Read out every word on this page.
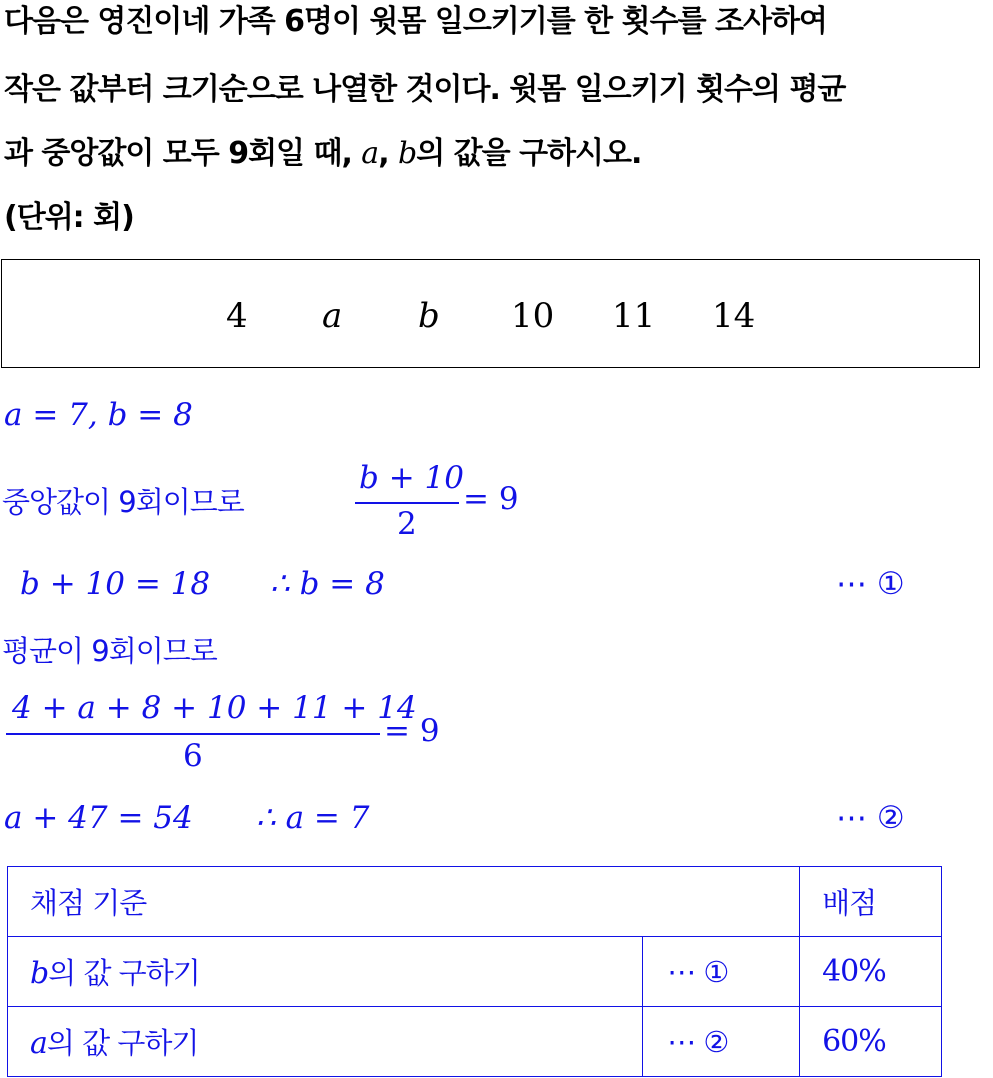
다음은 영진이네 가족 6명이 윗몸 일으키기를 한 횟수를 조사하여
작은 값부터 크기순으로 나열한 것이다. 윗몸 일으키기 횟수의 평균
과 중앙값이 모두 9회일 때, a, b의 값을 구하시오.
(단위: 회)
4 a b 10 11 14
a = 7, b = 8
중앙값이 9회이므로
b + 10
2
= 9
b + 10 = 18 ∴ b = 8	⋯ ①
평균이 9회이므로
4 + a + 8 + 10 + 11 + 14
6
= 9
a + 47 = 54 ∴ a = 7	⋯ ②
채점 기준		배점
b의 값 구하기	⋯ ①	40%
a의 값 구하기	⋯ ②	60%
